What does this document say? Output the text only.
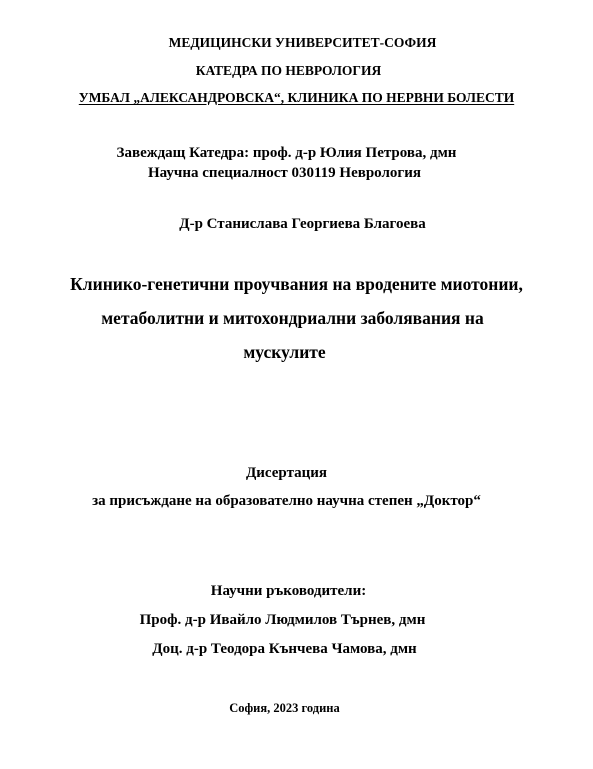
МЕДИЦИНСКИ УНИВЕРСИТЕТ-СОФИЯ
КАТЕДРА ПО НЕВРОЛОГИЯ
УМБАЛ „АЛЕКСАНДРОВСКА“, КЛИНИКА ПО НЕРВНИ БОЛЕСТИ
Завеждащ Катедра: проф. д-р Юлия Петрова, дмн
Научна специалност 030119 Неврология
Д-р Станислава Георгиева Благоева
Клинико-генетични проучвания на вродените миотонии,
метаболитни и митохондриални заболявания на
мускулите
Дисертация
за присъждане на образователно научна степен „Доктор“
Научни ръководители:
Проф. д-р Ивайло Людмилов Търнев, дмн
Доц. д-р Теодора Кънчева Чамова, дмн
София, 2023 година
